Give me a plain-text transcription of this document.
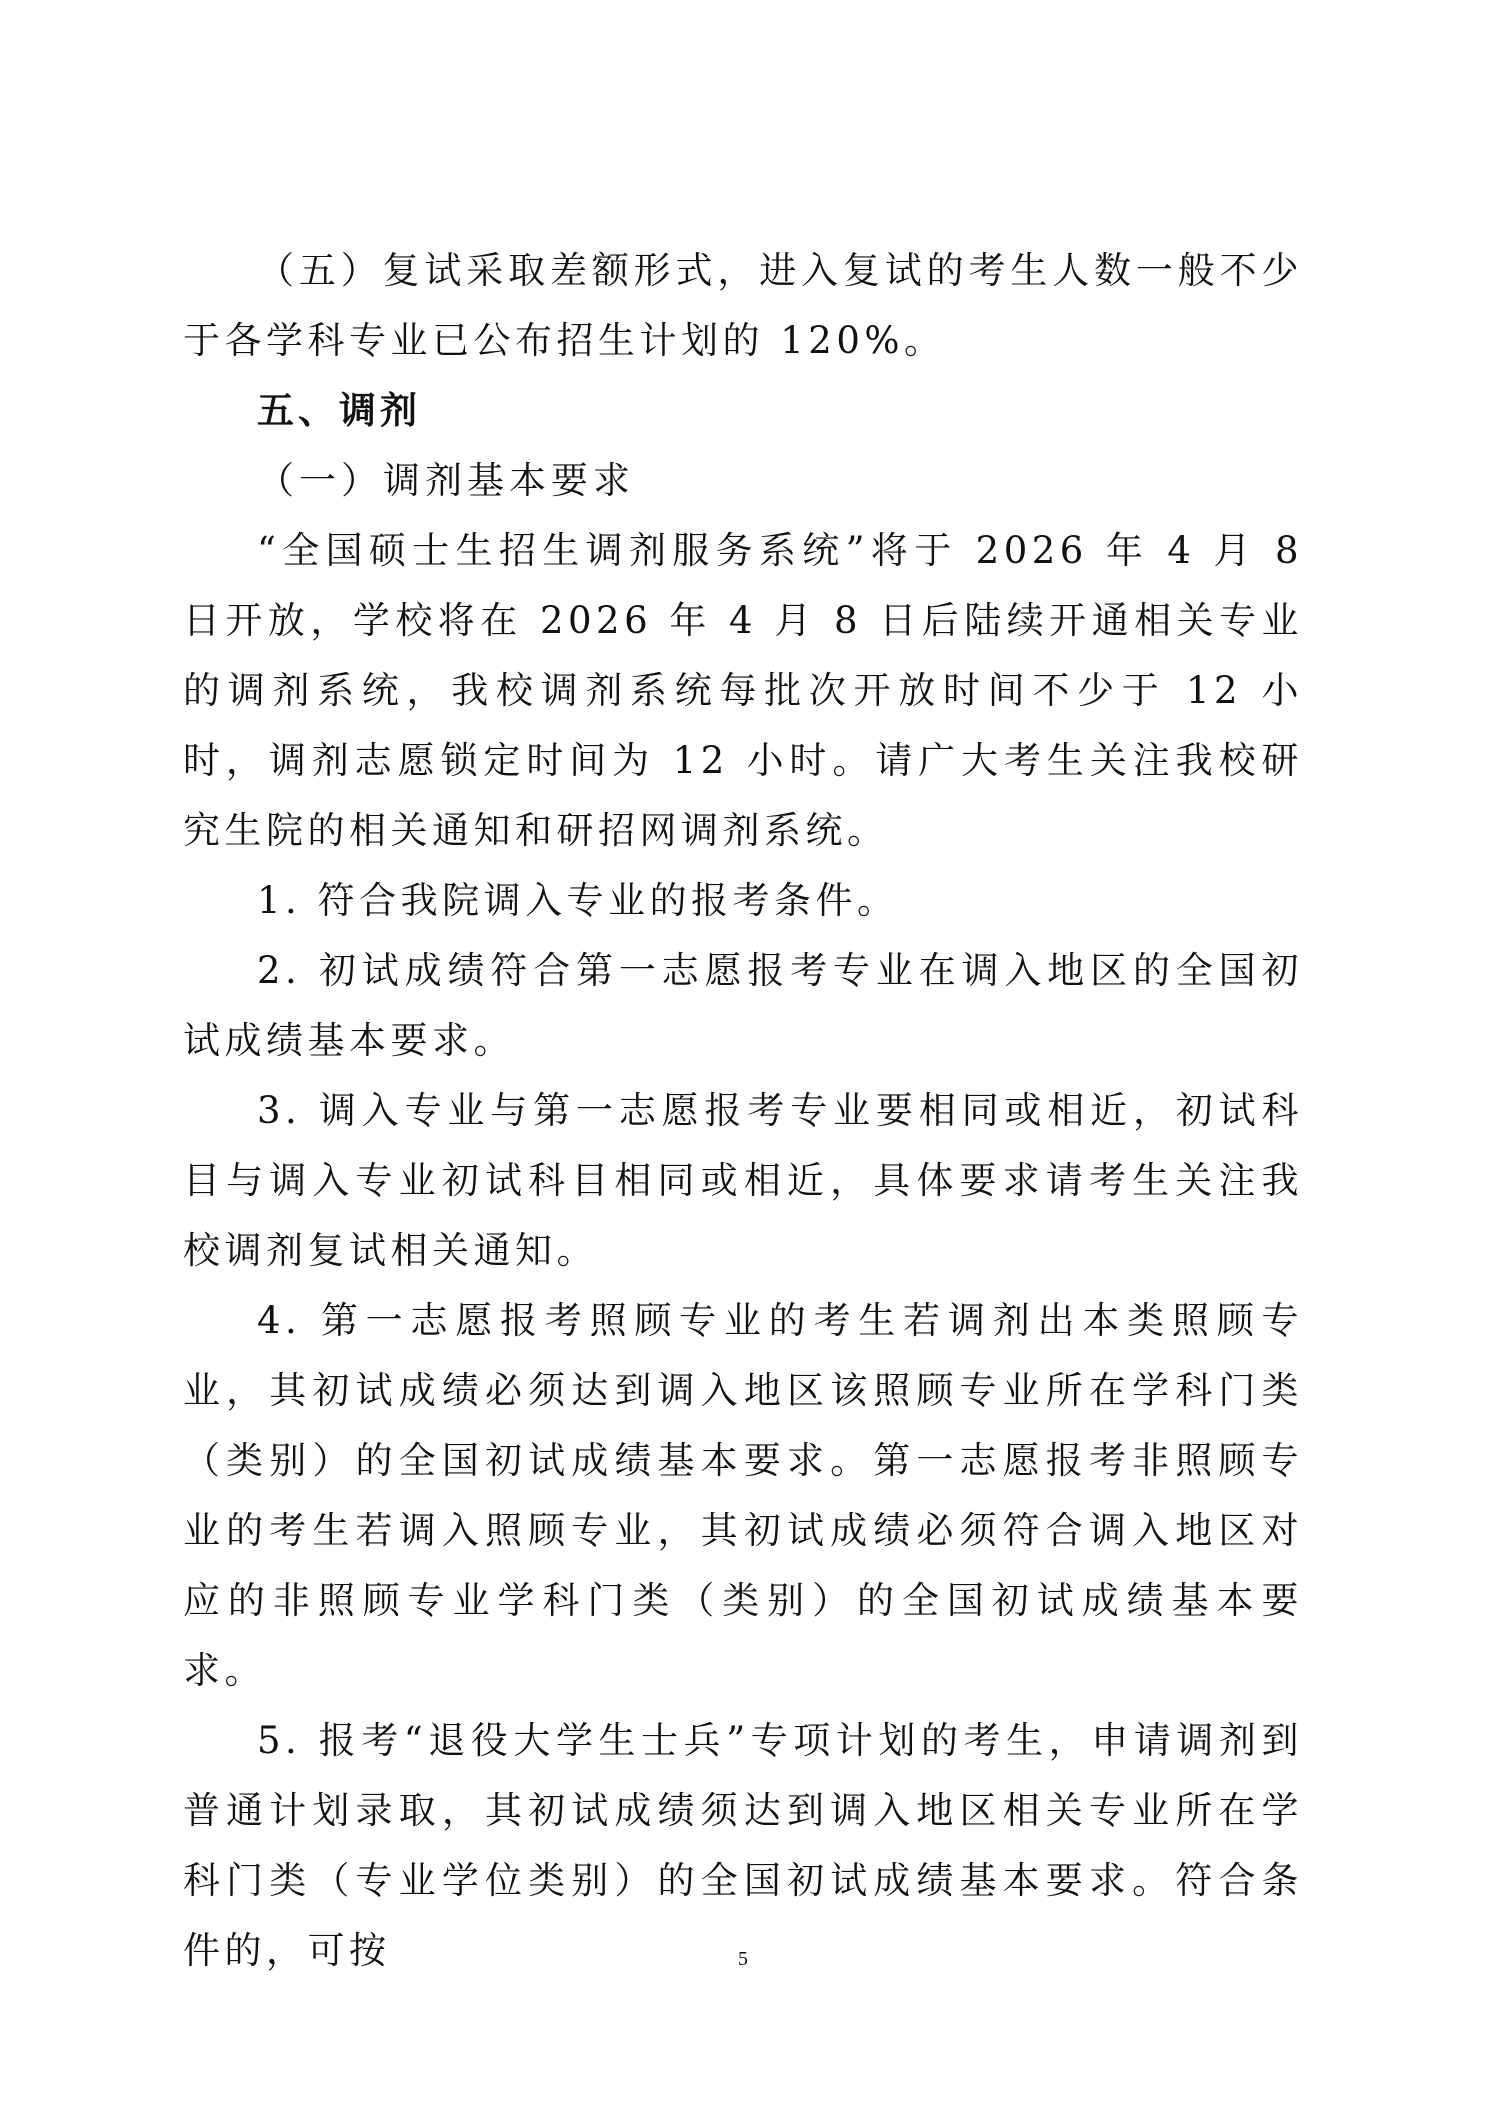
（五）复试采取差额形式，进入复试的考生人数一般不少于各学科专业已公布招生计划的 120%。

五、调剂

（一）调剂基本要求

“全国硕士生招生调剂服务系统”将于 2026 年 4 月 8 日开放，学校将在 2026 年 4 月 8 日后陆续开通相关专业的调剂系统，我校调剂系统每批次开放时间不少于 12 小时，调剂志愿锁定时间为 12 小时。请广大考生关注我校研究生院的相关通知和研招网调剂系统。

1. 符合我院调入专业的报考条件。

2. 初试成绩符合第一志愿报考专业在调入地区的全国初试成绩基本要求。

3. 调入专业与第一志愿报考专业要相同或相近，初试科目与调入专业初试科目相同或相近，具体要求请考生关注我校调剂复试相关通知。

4. 第一志愿报考照顾专业的考生若调剂出本类照顾专业，其初试成绩必须达到调入地区该照顾专业所在学科门类（类别）的全国初试成绩基本要求。第一志愿报考非照顾专业的考生若调入照顾专业，其初试成绩必须符合调入地区对应的非照顾专业学科门类（类别）的全国初试成绩基本要求。

5. 报考“退役大学生士兵”专项计划的考生，申请调剂到普通计划录取，其初试成绩须达到调入地区相关专业所在学科门类（专业学位类别）的全国初试成绩基本要求。符合条件的，可按	5
